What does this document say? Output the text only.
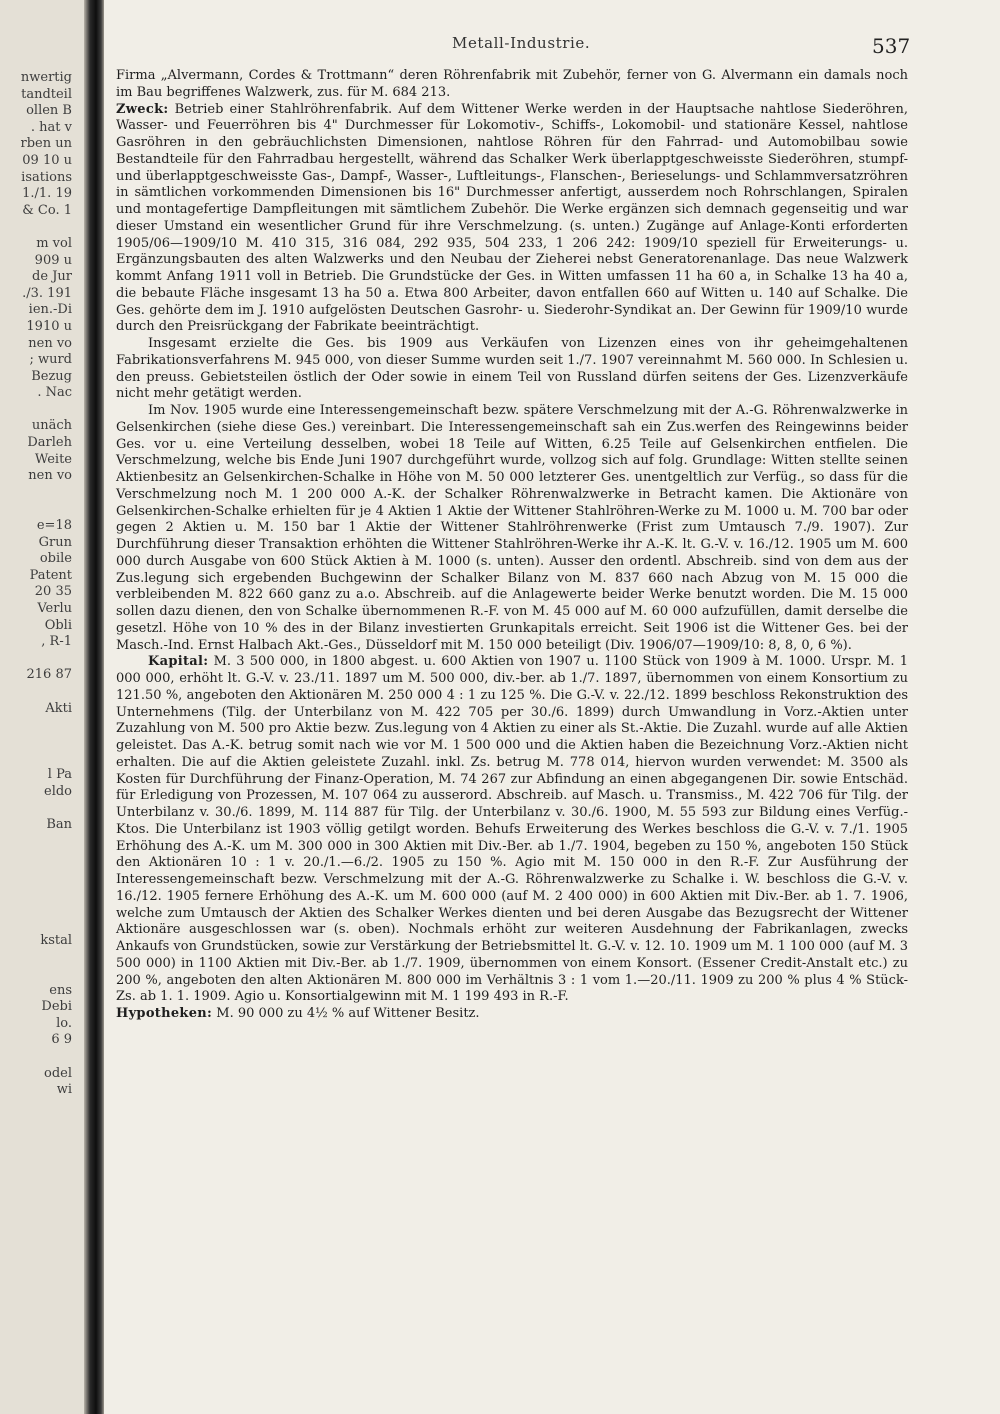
nwertig
tandteil
ollen B
. hat v
rben un
09 10 u
isations
1./1. 19
& Co. 1
m vol
909 u
de Jur
./3. 191
ien.-Di
1910 u
nen vo
; wurd
Bezug
. Nac
unäch
Darleh
Weite
nen vo
e=18
Grun
obile
Patent
20 35
Verlu
Obli
, R-1
216 87
Akti
l Pa
eldo
Ban
kstal
ens
Debi
lo.
6 9
odel
wi
Metall-Industrie.	537

Firma „Alvermann, Cordes & Trottmann“ deren Röhrenfabrik mit Zubehör, ferner von G. Alvermann ein damals noch im Bau begriffenes Walzwerk, zus. für M. 684 213.

Zweck: Betrieb einer Stahlröhrenfabrik. Auf dem Wittener Werke werden in der Hauptsache nahtlose Siederöhren, Wasser- und Feuerröhren bis 4" Durchmesser für Lokomotiv-, Schiffs-, Lokomobil- und stationäre Kessel, nahtlose Gasröhren in den gebräuchlichsten Dimensionen, nahtlose Röhren für den Fahrrad- und Automobilbau sowie Bestandteile für den Fahrradbau hergestellt, während das Schalker Werk überlapptgeschweisste Siederöhren, stumpf- und überlapptgeschweisste Gas-, Dampf-, Wasser-, Luftleitungs-, Flanschen-, Berieselungs- und Schlammversatzröhren in sämtlichen vorkommenden Dimensionen bis 16" Durchmesser anfertigt, ausserdem noch Rohrschlangen, Spiralen und montagefertige Dampfleitungen mit sämtlichem Zubehör. Die Werke ergänzen sich demnach gegenseitig und war dieser Umstand ein wesentlicher Grund für ihre Verschmelzung. (s. unten.) Zugänge auf Anlage-Konti erforderten 1905/06—1909/10 M. 410 315, 316 084, 292 935, 504 233, 1 206 242: 1909/10 speziell für Erweiterungs- u. Ergänzungsbauten des alten Walzwerks und den Neubau der Zieherei nebst Generatorenanlage. Das neue Walzwerk kommt Anfang 1911 voll in Betrieb. Die Grundstücke der Ges. in Witten umfassen 11 ha 60 a, in Schalke 13 ha 40 a, die bebaute Fläche insgesamt 13 ha 50 a. Etwa 800 Arbeiter, davon entfallen 660 auf Witten u. 140 auf Schalke. Die Ges. gehörte dem im J. 1910 aufgelösten Deutschen Gasrohr- u. Siederohr-Syndikat an. Der Gewinn für 1909/10 wurde durch den Preisrückgang der Fabrikate beeinträchtigt.

Insgesamt erzielte die Ges. bis 1909 aus Verkäufen von Lizenzen eines von ihr geheimgehaltenen Fabrikationsverfahrens M. 945 000, von dieser Summe wurden seit 1./7. 1907 vereinnahmt M. 560 000. In Schlesien u. den preuss. Gebietsteilen östlich der Oder sowie in einem Teil von Russland dürfen seitens der Ges. Lizenzverkäufe nicht mehr getätigt werden.

Im Nov. 1905 wurde eine Interessengemeinschaft bezw. spätere Verschmelzung mit der A.-G. Röhrenwalzwerke in Gelsenkirchen (siehe diese Ges.) vereinbart. Die Interessengemeinschaft sah ein Zus.werfen des Reingewinns beider Ges. vor u. eine Verteilung desselben, wobei 18 Teile auf Witten, 6.25 Teile auf Gelsenkirchen entfielen. Die Verschmelzung, welche bis Ende Juni 1907 durchgeführt wurde, vollzog sich auf folg. Grundlage: Witten stellte seinen Aktienbesitz an Gelsenkirchen-Schalke in Höhe von M. 50 000 letzterer Ges. unentgeltlich zur Verfüg., so dass für die Verschmelzung noch M. 1 200 000 A.-K. der Schalker Röhrenwalzwerke in Betracht kamen. Die Aktionäre von Gelsenkirchen-Schalke erhielten für je 4 Aktien 1 Aktie der Wittener Stahlröhren-Werke zu M. 1000 u. M. 700 bar oder gegen 2 Aktien u. M. 150 bar 1 Aktie der Wittener Stahlröhrenwerke (Frist zum Umtausch 7./9. 1907). Zur Durchführung dieser Transaktion erhöhten die Wittener Stahlröhren-Werke ihr A.-K. lt. G.-V. v. 16./12. 1905 um M. 600 000 durch Ausgabe von 600 Stück Aktien à M. 1000 (s. unten). Ausser den ordentl. Abschreib. sind von dem aus der Zus.legung sich ergebenden Buchgewinn der Schalker Bilanz von M. 837 660 nach Abzug von M. 15 000 die verbleibenden M. 822 660 ganz zu a.o. Abschreib. auf die Anlagewerte beider Werke benutzt worden. Die M. 15 000 sollen dazu dienen, den von Schalke übernommenen R.-F. von M. 45 000 auf M. 60 000 aufzufüllen, damit derselbe die gesetzl. Höhe von 10 % des in der Bilanz investierten Grunkapitals erreicht. Seit 1906 ist die Wittener Ges. bei der Masch.-Ind. Ernst Halbach Akt.-Ges., Düsseldorf mit M. 150 000 beteiligt (Div. 1906/07—1909/10: 8, 8, 0, 6 %).

Kapital: M. 3 500 000, in 1800 abgest. u. 600 Aktien von 1907 u. 1100 Stück von 1909 à M. 1000. Urspr. M. 1 000 000, erhöht lt. G.-V. v. 23./11. 1897 um M. 500 000, div.-ber. ab 1./7. 1897, übernommen von einem Konsortium zu 121.50 %, angeboten den Aktionären M. 250 000 4 : 1 zu 125 %. Die G.-V. v. 22./12. 1899 beschloss Rekonstruktion des Unternehmens (Tilg. der Unterbilanz von M. 422 705 per 30./6. 1899) durch Umwandlung in Vorz.-Aktien unter Zuzahlung von M. 500 pro Aktie bezw. Zus.legung von 4 Aktien zu einer als St.-Aktie. Die Zuzahl. wurde auf alle Aktien geleistet. Das A.-K. betrug somit nach wie vor M. 1 500 000 und die Aktien haben die Bezeichnung Vorz.-Aktien nicht erhalten. Die auf die Aktien geleistete Zuzahl. inkl. Zs. betrug M. 778 014, hiervon wurden verwendet: M. 3500 als Kosten für Durchführung der Finanz-Operation, M. 74 267 zur Abfindung an einen abgegangenen Dir. sowie Entschäd. für Erledigung von Prozessen, M. 107 064 zu ausserord. Abschreib. auf Masch. u. Transmiss., M. 422 706 für Tilg. der Unterbilanz v. 30./6. 1899, M. 114 887 für Tilg. der Unterbilanz v. 30./6. 1900, M. 55 593 zur Bildung eines Verfüg.-Ktos. Die Unterbilanz ist 1903 völlig getilgt worden. Behufs Erweiterung des Werkes beschloss die G.-V. v. 7./1. 1905 Erhöhung des A.-K. um M. 300 000 in 300 Aktien mit Div.-Ber. ab 1./7. 1904, begeben zu 150 %, angeboten 150 Stück den Aktionären 10 : 1 v. 20./1.—6./2. 1905 zu 150 %. Agio mit M. 150 000 in den R.-F. Zur Ausführung der Interessengemeinschaft bezw. Verschmelzung mit der A.-G. Röhrenwalzwerke zu Schalke i. W. beschloss die G.-V. v. 16./12. 1905 fernere Erhöhung des A.-K. um M. 600 000 (auf M. 2 400 000) in 600 Aktien mit Div.-Ber. ab 1. 7. 1906, welche zum Umtausch der Aktien des Schalker Werkes dienten und bei deren Ausgabe das Bezugsrecht der Wittener Aktionäre ausgeschlossen war (s. oben). Nochmals erhöht zur weiteren Ausdehnung der Fabrikanlagen, zwecks Ankaufs von Grundstücken, sowie zur Verstärkung der Betriebsmittel lt. G.-V. v. 12. 10. 1909 um M. 1 100 000 (auf M. 3 500 000) in 1100 Aktien mit Div.-Ber. ab 1./7. 1909, übernommen von einem Konsort. (Essener Credit-Anstalt etc.) zu 200 %, angeboten den alten Aktionären M. 800 000 im Verhältnis 3 : 1 vom 1.—20./11. 1909 zu 200 % plus 4 % Stück-Zs. ab 1. 1. 1909. Agio u. Konsortialgewinn mit M. 1 199 493 in R.-F.

Hypotheken: M. 90 000 zu 4½ % auf Wittener Besitz.
